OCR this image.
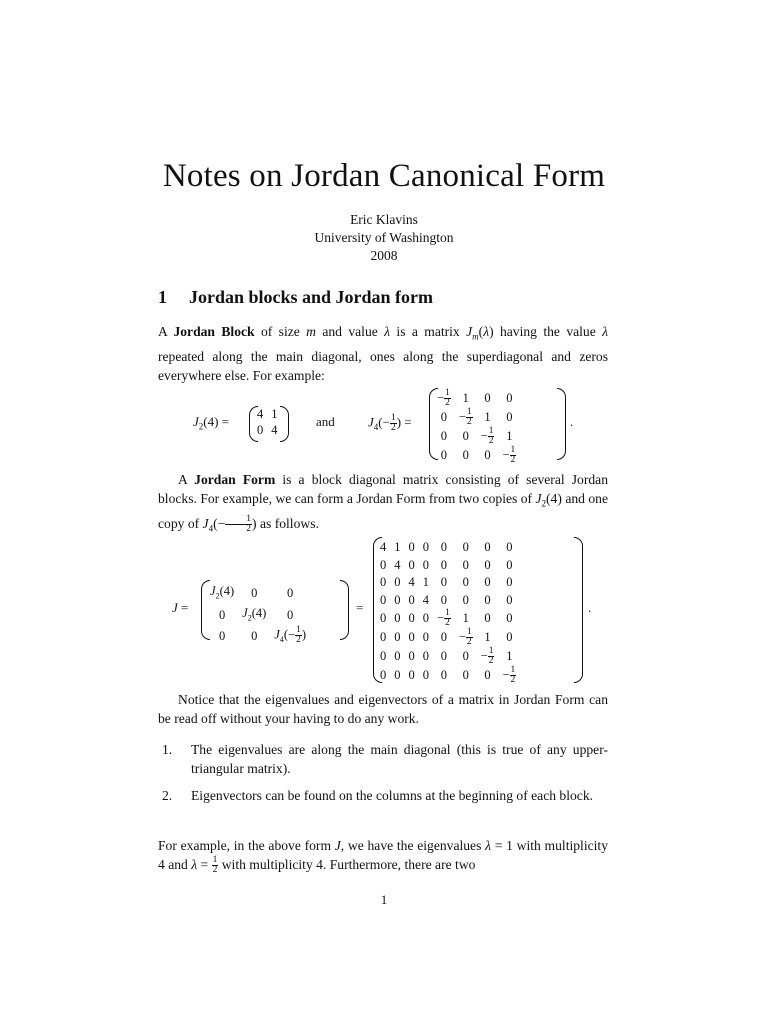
Notes on Jordan Canonical Form
Eric Klavins
University of Washington
2008
1 Jordan blocks and Jordan form
A Jordan Block of size m and value λ is a matrix $J_m(\lambda)$ having the value λ repeated along the main diagonal, ones along the superdiagonal and zeros everywhere else. For example:
$J_2(4) = 4$	1
0	4
and	$J_4(- \frac{1}{2}$ ) =
− $\frac{1}{2}$	1	0	0
0	− $\frac{1}{2}$	1	0
0	0	− $\frac{1}{2}$	1
0	0	0	− $\frac{1}{2}$
.
A Jordan Form is a block diagonal matrix consisting of several Jordan blocks. For example, we can form a Jordan Form from two copies of $J_2(4)$ and one copy of $J_4(- \frac{1}{2}$ ) as follows.
J =
$J_2(4)$	0	0
0	$J_2(4)$	0
0	0	$J_4(- \frac{1}{2}$ )
=
4	1	0	0	0	0	0	0
0	4	0	0	0	0	0	0
0	0	4	1	0	0	0	0
0	0	0	4	0	0	0	0
0	0	0	0	− $\frac{1}{2}$	1	0	0
0	0	0	0	0	− $\frac{1}{2}$	1	0
0	0	0	0	0	0	− $\frac{1}{2}$	1
0	0	0	0	0	0	0	− $\frac{1}{2}$
.
Notice that the eigenvalues and eigenvectors of a matrix in Jordan Form can be read off without your having to do any work.
1. The eigenvalues are along the main diagonal (this is true of any upper-triangular matrix).
2. Eigenvectors can be found on the columns at the beginning of each block.
For example, in the above form J, we have the eigenvalues λ = 1 with multiplicity 4 and $\lambda = \frac{1}{2}$ with multiplicity 4. Furthermore, there are two
1
